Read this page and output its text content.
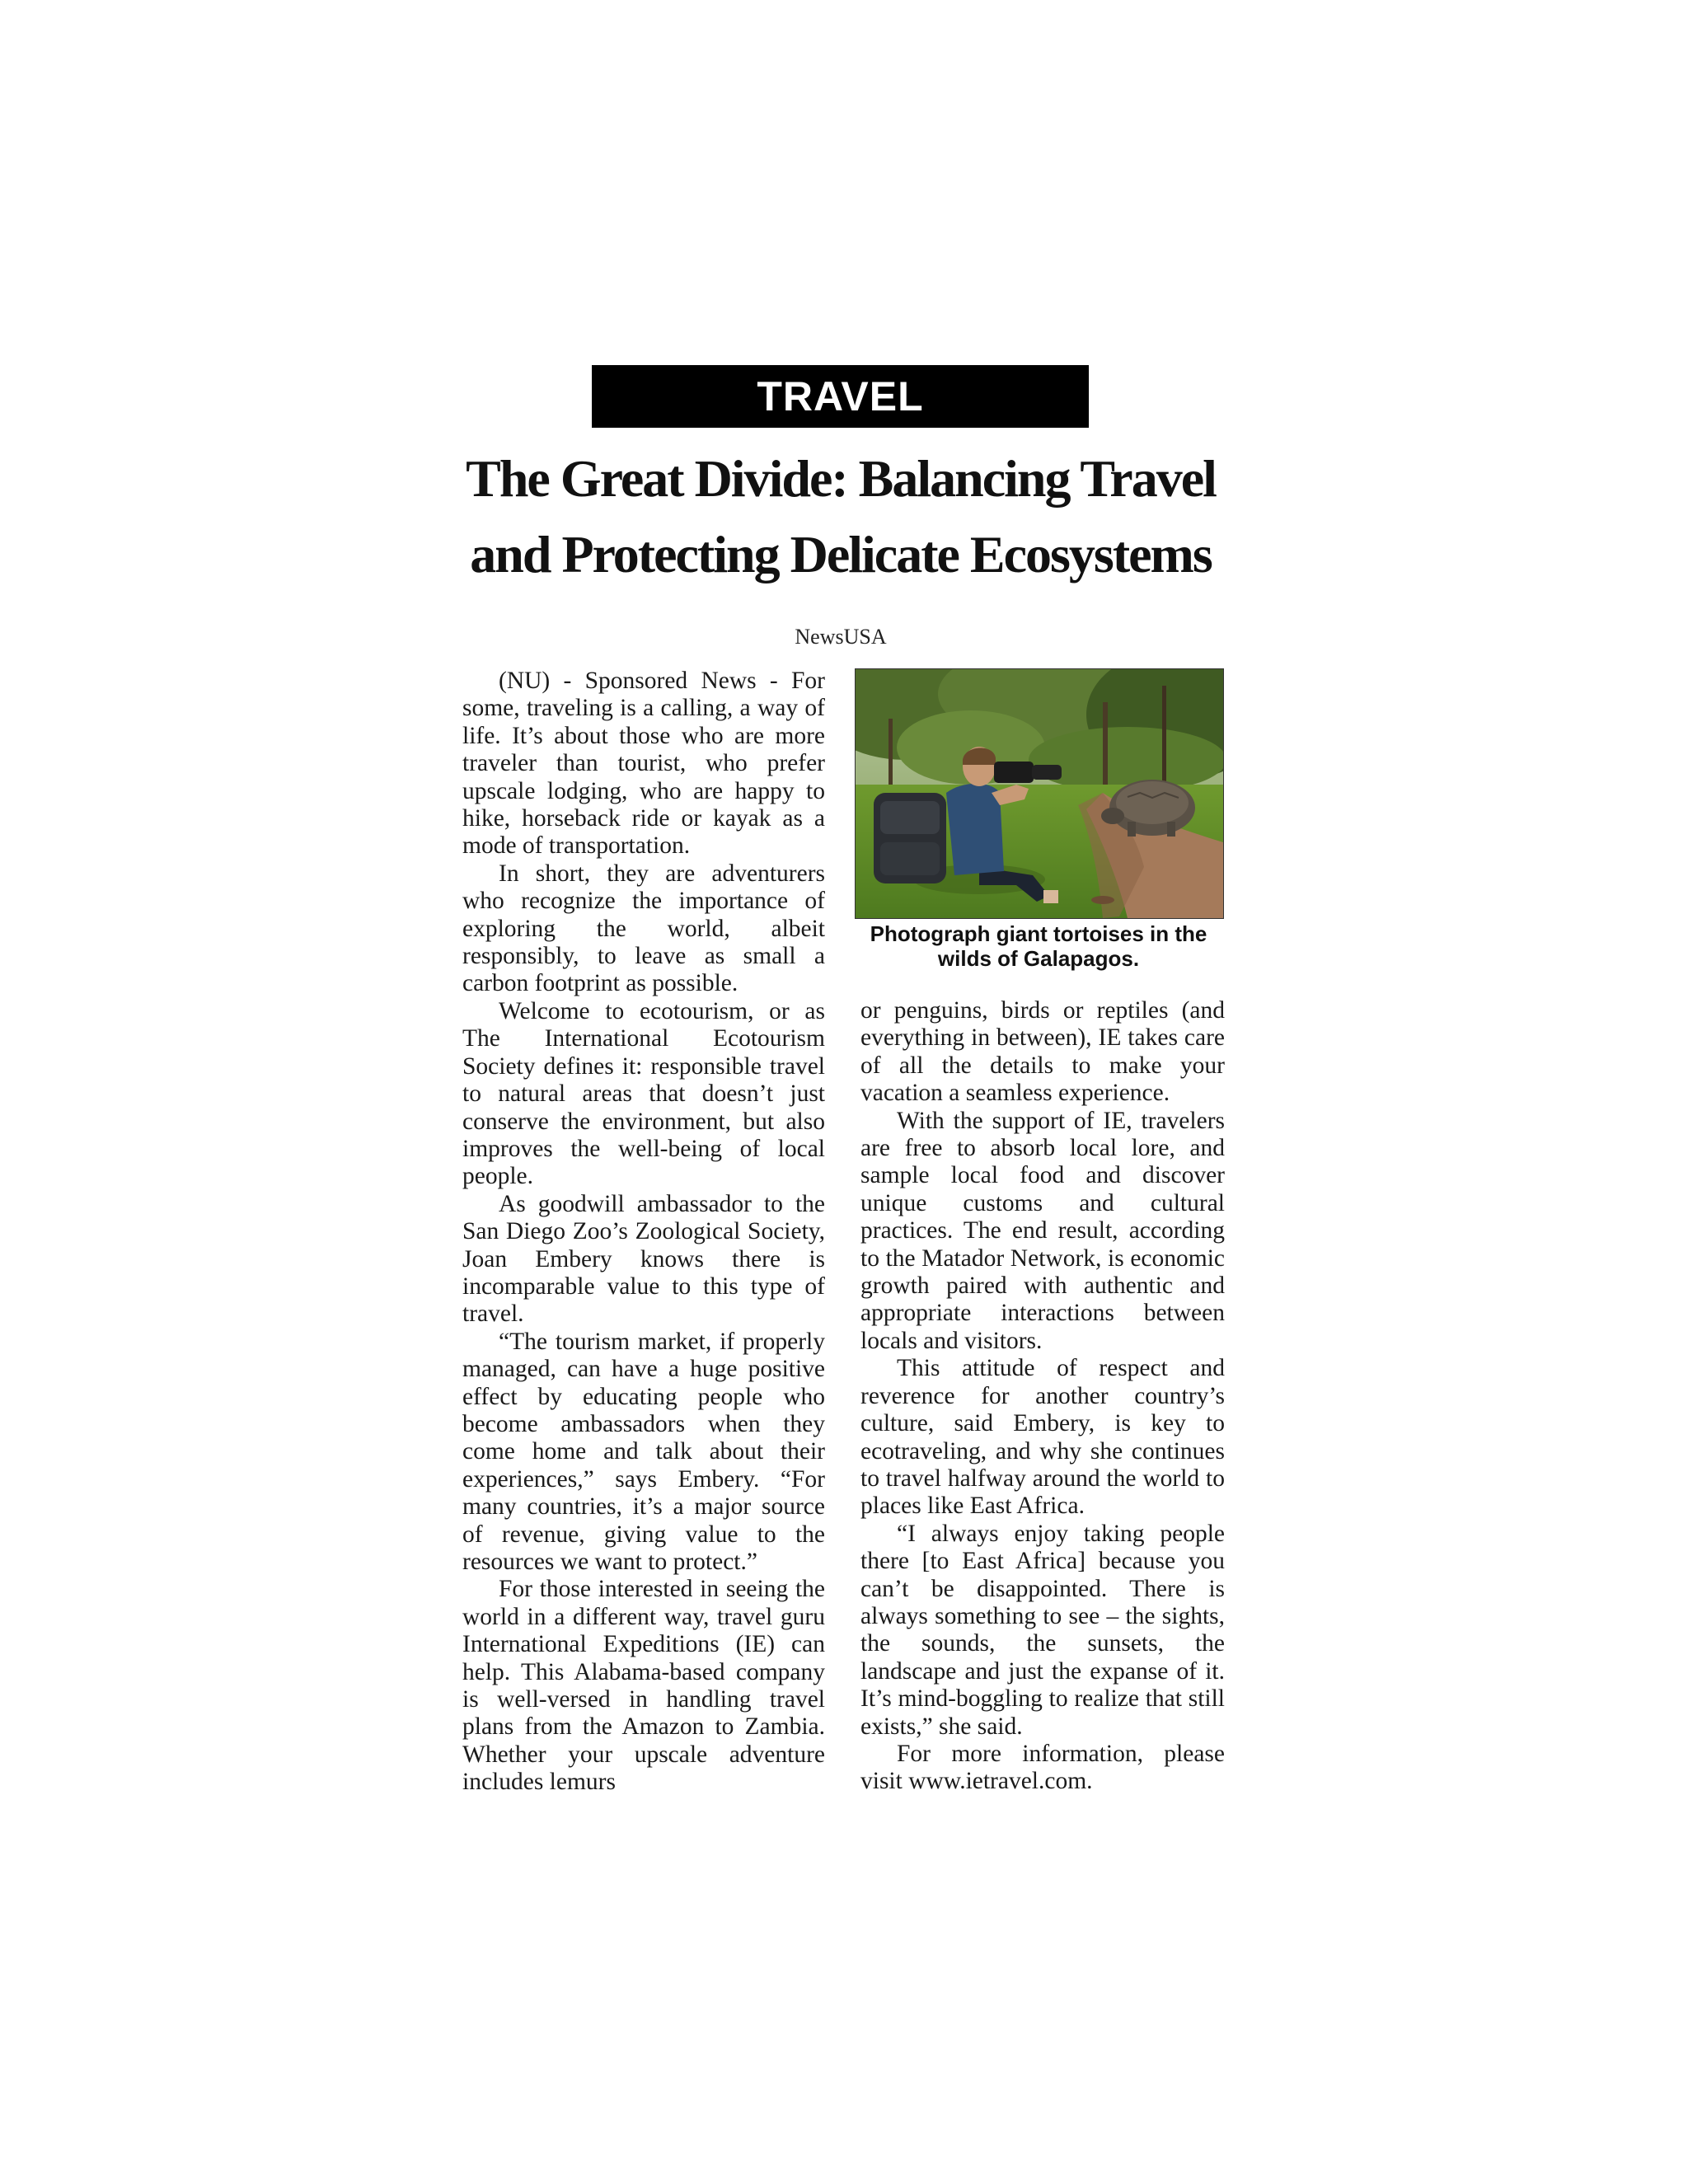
TRAVEL
The Great Divide: Balancing Travel
and Protecting Delicate Ecosystems
NewsUSA

(NU) - Sponsored News - For some, traveling is a calling, a way of life. It’s about those who are more traveler than tourist, who prefer upscale lodging, who are happy to hike, horseback ride or kayak as a mode of transportation.

In short, they are adventurers who recognize the importance of exploring the world, albeit responsibly, to leave as small a carbon footprint as possible.

Welcome to ecotourism, or as The International Ecotourism Society defines it: responsible travel to natural areas that doesn’t just conserve the environment, but also improves the well-being of local people.

As goodwill ambassador to the San Diego Zoo’s Zoological Society, Joan Embery knows there is incomparable value to this type of travel.

“The tourism market, if properly managed, can have a huge positive effect by educating people who become ambassadors when they come home and talk about their experiences,” says Embery. “For many countries, it’s a major source of revenue, giving value to the resources we want to protect.”

For those interested in seeing the world in a different way, travel guru International Expeditions (IE) can help. This Alabama-based company is well-versed in handling travel plans from the Amazon to Zambia. Whether your upscale adventure includes lemurs

Photograph giant tortoises in the wilds of Galapagos.

or penguins, birds or reptiles (and everything in between), IE takes care of all the details to make your vacation a seamless experience.

With the support of IE, travelers are free to absorb local lore, and sample local food and discover unique customs and cultural practices. The end result, according to the Matador Network, is economic growth paired with authentic and appropriate interactions between locals and visitors.

This attitude of respect and reverence for another country’s culture, said Embery, is key to ecotraveling, and why she continues to travel halfway around the world to places like East Africa.

“I always enjoy taking people there [to East Africa] because you can’t be disappointed. There is always something to see – the sights, the sounds, the sunsets, the landscape and just the expanse of it. It’s mind-boggling to realize that still exists,” she said.

For more information, please visit www.ietravel.com.
